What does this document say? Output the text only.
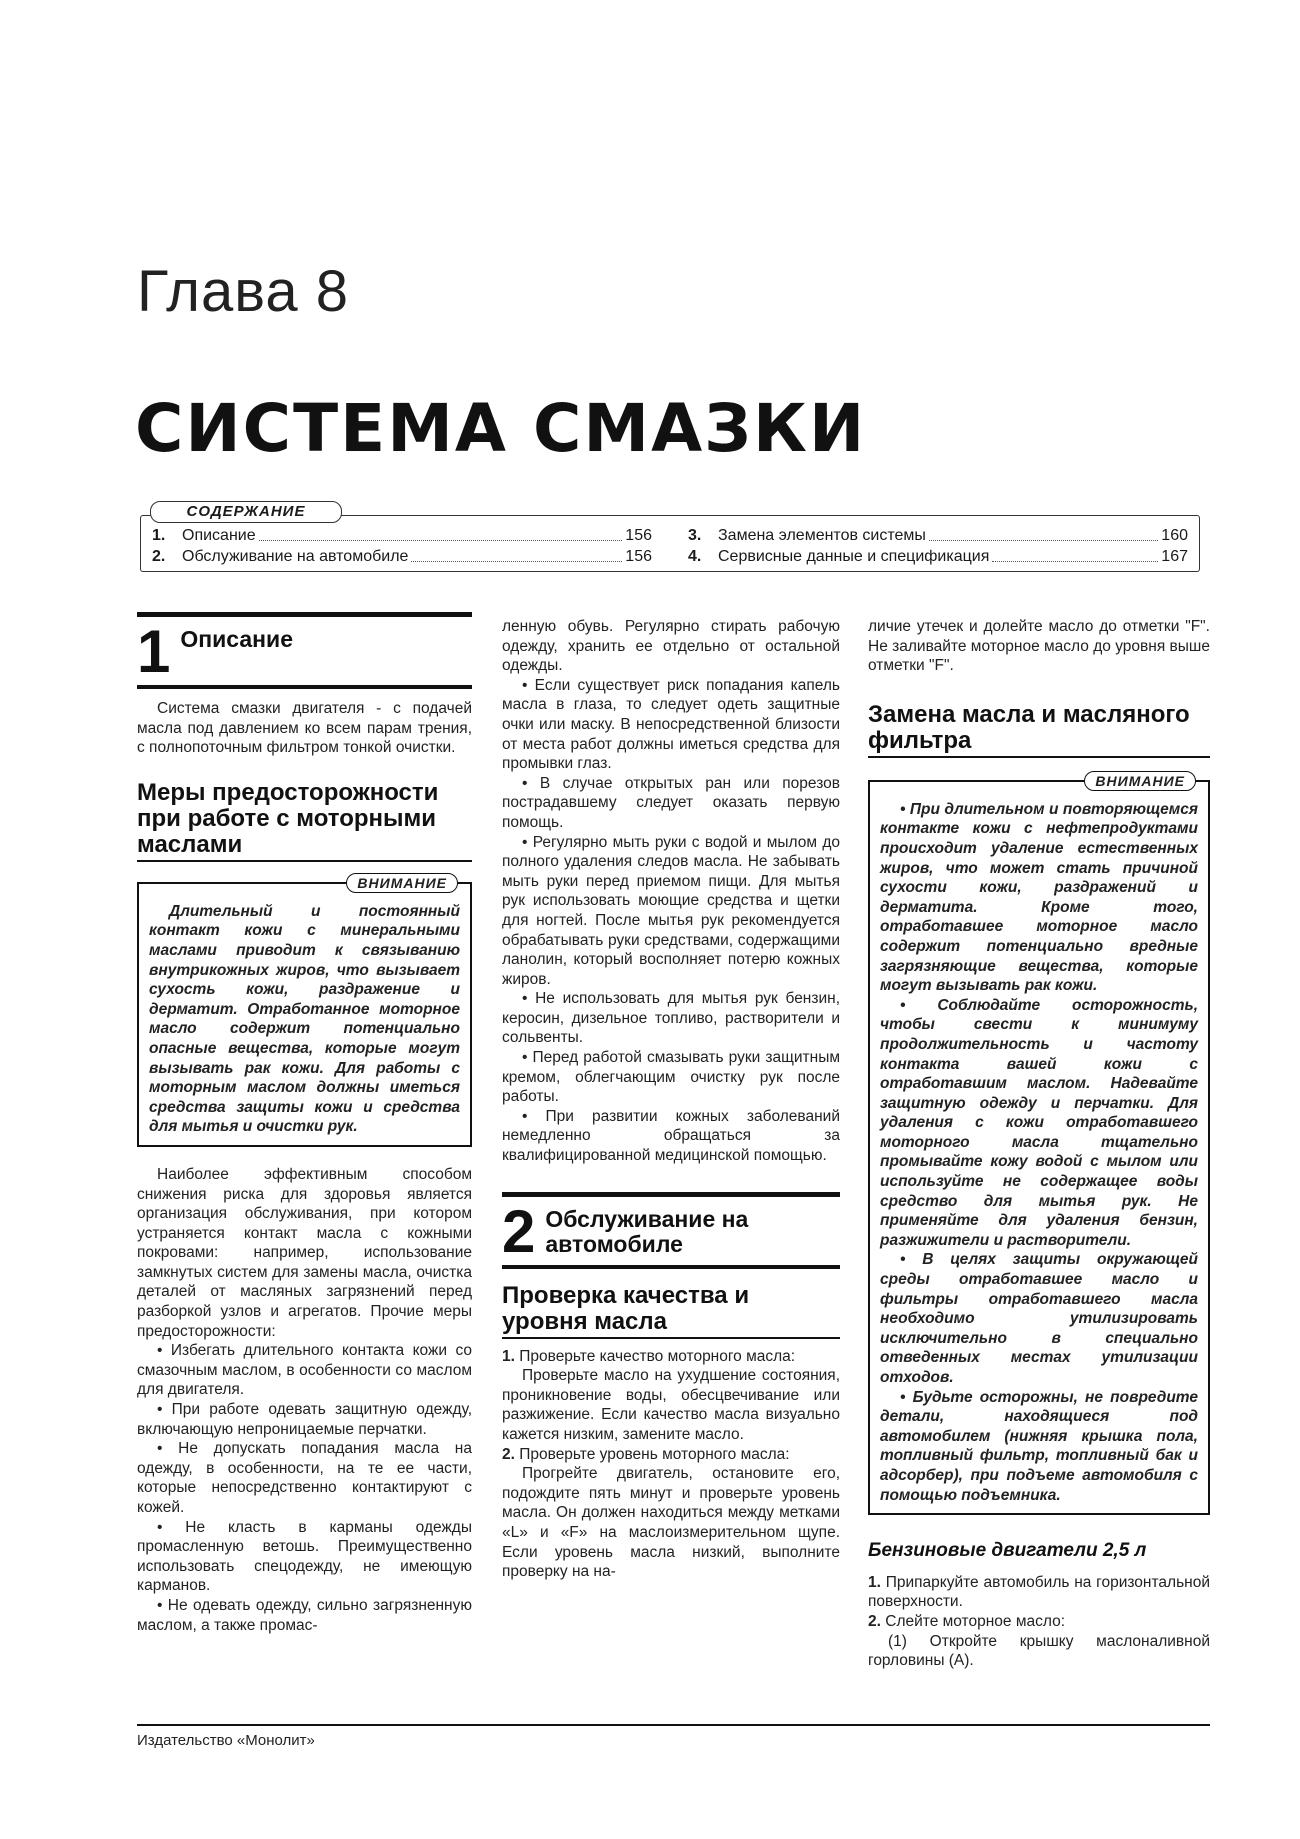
Глава 8
СИСТЕМА СМАЗКИ
СОДЕРЖАНИЕ
1.	Описание	156
2.	Обслуживание на автомобиле	156
3.	Замена элементов системы	160
4.	Сервисные данные и спецификация	167
1 Описание

Система смазки двигателя - с подачей масла под давлением ко всем парам трения, с полнопоточным фильтром тонкой очистки.

Меры предосторожности при работе с моторными маслами
ВНИМАНИЕ

Длительный и постоянный контакт кожи с минеральными маслами приводит к связыванию внутрикожных жиров, что вызывает сухость кожи, раздражение и дерматит. Отработанное моторное масло содержит потенциально опасные вещества, которые могут вызывать рак кожи. Для работы с моторным маслом должны иметься средства защиты кожи и средства для мытья и очистки рук.

Наиболее эффективным способом снижения риска для здоровья является организация обслуживания, при котором устраняется контакт масла с кожными покровами: например, использование замкнутых систем для замены масла, очистка деталей от масляных загрязнений перед разборкой узлов и агрегатов. Прочие меры предосторожности:

• Избегать длительного контакта кожи со смазочным маслом, в особенности со маслом для двигателя.

• При работе одевать защитную одежду, включающую непроницаемые перчатки.

• Не допускать попадания масла на одежду, в особенности, на те ее части, которые непосредственно контактируют с кожей.

• Не класть в карманы одежды промасленную ветошь. Преимущественно использовать спецодежду, не имеющую карманов.

• Не одевать одежду, сильно загрязненную маслом, а также промас-

ленную обувь. Регулярно стирать рабочую одежду, хранить ее отдельно от остальной одежды.

• Если существует риск попадания капель масла в глаза, то следует одеть защитные очки или маску. В непосредственной близости от места работ должны иметься средства для промывки глаз.

• В случае открытых ран или порезов пострадавшему следует оказать первую помощь.

• Регулярно мыть руки с водой и мылом до полного удаления следов масла. Не забывать мыть руки перед приемом пищи. Для мытья рук использовать моющие средства и щетки для ногтей. После мытья рук рекомендуется обрабатывать руки средствами, содержащими ланолин, который восполняет потерю кожных жиров.

• Не использовать для мытья рук бензин, керосин, дизельное топливо, растворители и сольвенты.

• Перед работой смазывать руки защитным кремом, облегчающим очистку рук после работы.

• При развитии кожных заболеваний немедленно обращаться за квалифицированной медицинской помощью.

2 Обслуживание на автомобиле
Проверка качества и уровня масла

1. Проверьте качество моторного масла:

Проверьте масло на ухудшение состояния, проникновение воды, обесцвечивание или разжижение. Если качество масла визуально кажется низким, замените масло.

2. Проверьте уровень моторного масла:

Прогрейте двигатель, остановите его, подождите пять минут и проверьте уровень масла. Он должен находиться между метками «L» и «F» на маслоизмерительном щупе. Если уровень масла низкий, выполните проверку на на-

личие утечек и долейте масло до отметки "F". Не заливайте моторное масло до уровня выше отметки "F".

Замена масла и масляного фильтра
ВНИМАНИЕ

• При длительном и повторяющемся контакте кожи с нефтепродуктами происходит удаление естественных жиров, что может стать причиной сухости кожи, раздражений и дерматита. Кроме того, отработавшее моторное масло содержит потенциально вредные загрязняющие вещества, которые могут вызывать рак кожи.

• Соблюдайте осторожность, чтобы свести к минимуму продолжительность и частоту контакта вашей кожи с отработавшим маслом. Надевайте защитную одежду и перчатки. Для удаления с кожи отработавшего моторного масла тщательно промывайте кожу водой с мылом или используйте не содержащее воды средство для мытья рук. Не применяйте для удаления бензин, разжижители и растворители.

• В целях защиты окружающей среды отработавшее масло и фильтры отработавшего масла необходимо утилизировать исключительно в специально отведенных местах утилизации отходов.

• Будьте осторожны, не повредите детали, находящиеся под автомобилем (нижняя крышка пола, топливный фильтр, топливный бак и адсорбер), при подъеме автомобиля с помощью подъемника.

Бензиновые двигатели 2,5 л

1. Припаркуйте автомобиль на горизонтальной поверхности.

2. Слейте моторное масло:

(1) Откройте крышку маслоналивной горловины (A).

Издательство «Монолит»
